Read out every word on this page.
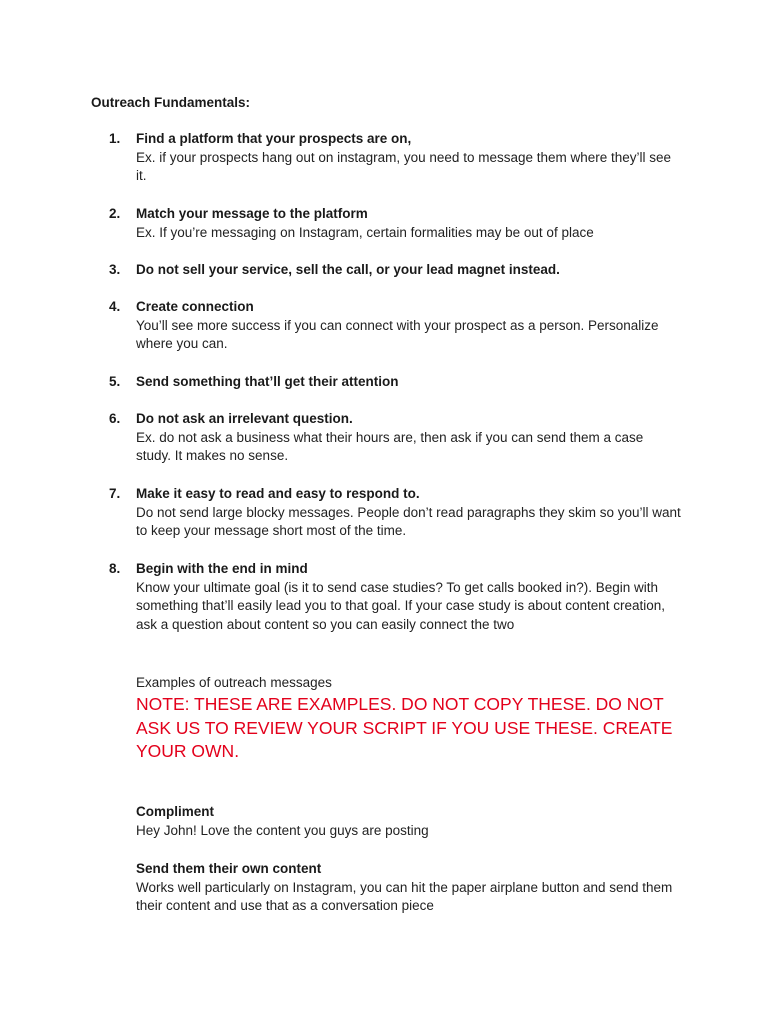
Outreach Fundamentals:
1. Find a platform that your prospects are on,
Ex. if your prospects hang out on instagram, you need to message them where they’ll see it.
2. Match your message to the platform
Ex. If you’re messaging on Instagram, certain formalities may be out of place
3. Do not sell your service, sell the call, or your lead magnet instead.
4. Create connection
You’ll see more success if you can connect with your prospect as a person. Personalize where you can.
5. Send something that’ll get their attention
6. Do not ask an irrelevant question.
Ex. do not ask a business what their hours are, then ask if you can send them a case study. It makes no sense.
7. Make it easy to read and easy to respond to.
Do not send large blocky messages. People don’t read paragraphs they skim so you’ll want to keep your message short most of the time.
8. Begin with the end in mind
Know your ultimate goal (is it to send case studies? To get calls booked in?). Begin with something that’ll easily lead you to that goal. If your case study is about content creation, ask a question about content so you can easily connect the two
Examples of outreach messages
NOTE: THESE ARE EXAMPLES. DO NOT COPY THESE. DO NOT ASK US TO REVIEW YOUR SCRIPT IF YOU USE THESE. CREATE YOUR OWN.
Compliment
Hey John! Love the content you guys are posting
Send them their own content
Works well particularly on Instagram, you can hit the paper airplane button and send them their content and use that as a conversation piece
